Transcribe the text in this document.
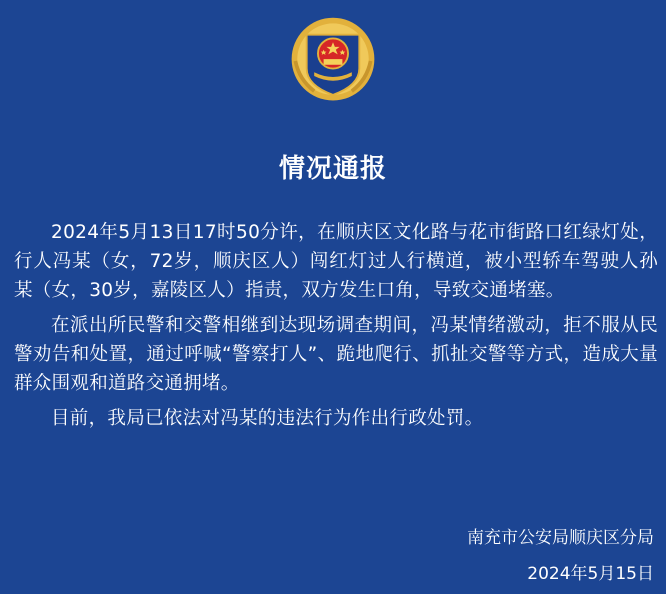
情况通报

2024年5月13日17时50分许，在顺庆区文化路与花市街路口红绿灯处，行人冯某（女，72岁，顺庆区人）闯红灯过人行横道，被小型轿车驾驶人孙某（女，30岁，嘉陵区人）指责，双方发生口角，导致交通堵塞。

在派出所民警和交警相继到达现场调查期间，冯某情绪激动，拒不服从民警劝告和处置，通过呼喊“警察打人”、跪地爬行、抓扯交警等方式，造成大量群众围观和道路交通拥堵。

目前，我局已依法对冯某的违法行为作出行政处罚。

南充市公安局顺庆区分局
2024年5月15日
